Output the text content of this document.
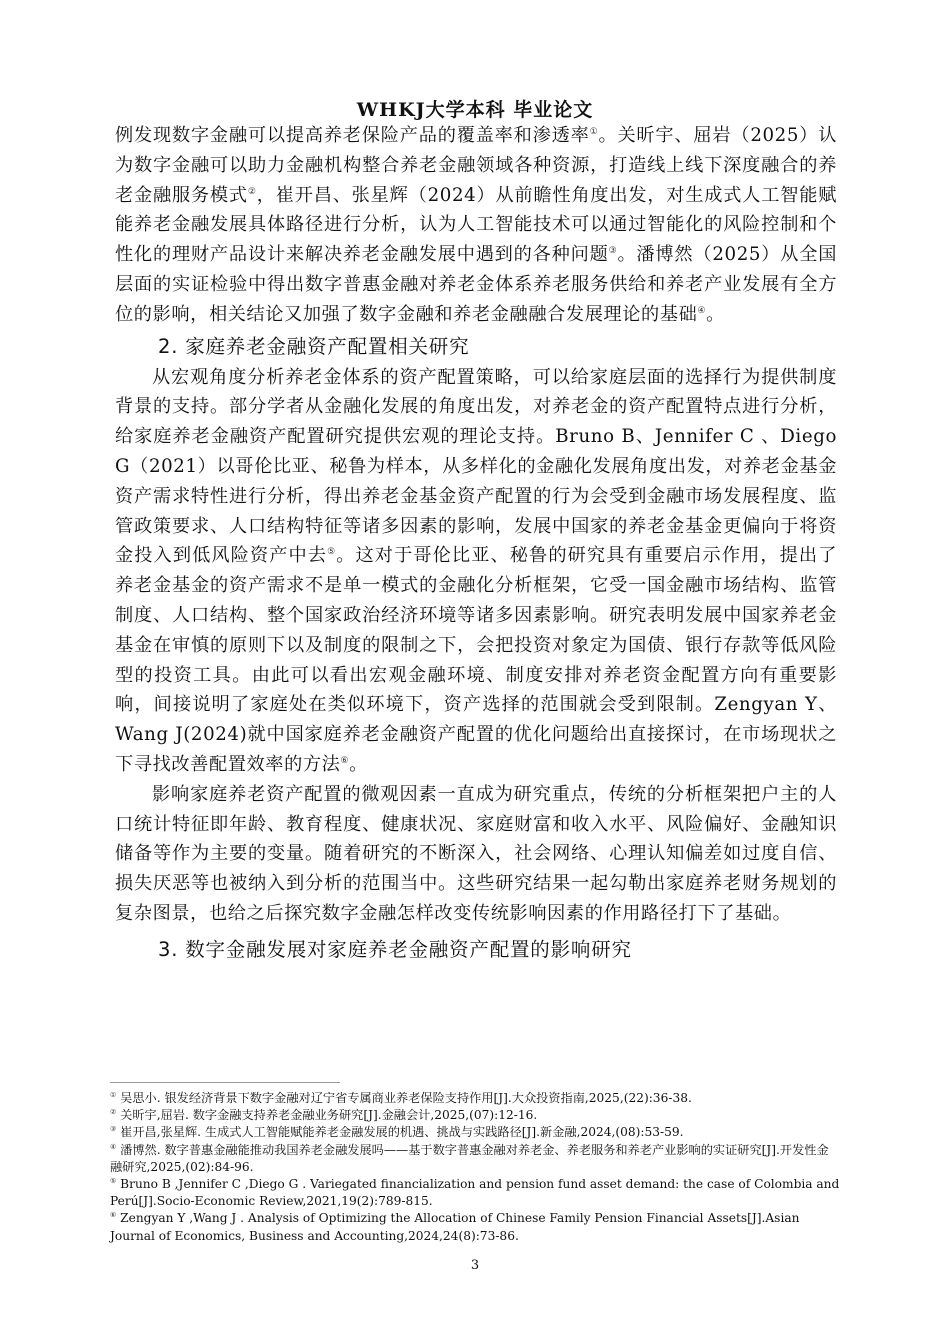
WHKJ大学本科 毕业论文

例发现数字金融可以提高养老保险产品的覆盖率和渗透率①。关昕宇、屈岩（2025）认为数字金融可以助力金融机构整合养老金融领域各种资源，打造线上线下深度融合的养老金融服务模式②，崔开昌、张星辉（2024）从前瞻性角度出发，对生成式人工智能赋能养老金融发展具体路径进行分析，认为人工智能技术可以通过智能化的风险控制和个性化的理财产品设计来解决养老金融发展中遇到的各种问题③。潘博然（2025）从全国层面的实证检验中得出数字普惠金融对养老金体系养老服务供给和养老产业发展有全方位的影响，相关结论又加强了数字金融和养老金融融合发展理论的基础④。

2. 家庭养老金融资产配置相关研究

从宏观角度分析养老金体系的资产配置策略，可以给家庭层面的选择行为提供制度背景的支持。部分学者从金融化发展的角度出发，对养老金的资产配置特点进行分析，给家庭养老金融资产配置研究提供宏观的理论支持。Bruno B、Jennifer C 、Diego G（2021）以哥伦比亚、秘鲁为样本，从多样化的金融化发展角度出发，对养老金基金资产需求特性进行分析，得出养老金基金资产配置的行为会受到金融市场发展程度、监管政策要求、人口结构特征等诸多因素的影响，发展中国家的养老金基金更偏向于将资金投入到低风险资产中去⑤。这对于哥伦比亚、秘鲁的研究具有重要启示作用，提出了养老金基金的资产需求不是单一模式的金融化分析框架，它受一国金融市场结构、监管制度、人口结构、整个国家政治经济环境等诸多因素影响。研究表明发展中国家养老金基金在审慎的原则下以及制度的限制之下，会把投资对象定为国债、银行存款等低风险型的投资工具。由此可以看出宏观金融环境、制度安排对养老资金配置方向有重要影响，间接说明了家庭处在类似环境下，资产选择的范围就会受到限制。Zengyan Y、Wang J(2024)就中国家庭养老金融资产配置的优化问题给出直接探讨，在市场现状之下寻找改善配置效率的方法⑥。

影响家庭养老资产配置的微观因素一直成为研究重点，传统的分析框架把户主的人口统计特征即年龄、教育程度、健康状况、家庭财富和收入水平、风险偏好、金融知识储备等作为主要的变量。随着研究的不断深入，社会网络、心理认知偏差如过度自信、损失厌恶等也被纳入到分析的范围当中。这些研究结果一起勾勒出家庭养老财务规划的复杂图景，也给之后探究数字金融怎样改变传统影响因素的作用路径打下了基础。

3. 数字金融发展对家庭养老金融资产配置的影响研究

① 吴思小. 银发经济背景下数字金融对辽宁省专属商业养老保险支持作用[J].大众投资指南,2025,(22):36-38.

② 关昕宇,屈岩. 数字金融支持养老金融业务研究[J].金融会计,2025,(07):12-16.

③ 崔开昌,张星辉. 生成式人工智能赋能养老金融发展的机遇、挑战与实践路径[J].新金融,2024,(08):53-59.

④ 潘博然. 数字普惠金融能推动我国养老金融发展吗——基于数字普惠金融对养老金、养老服务和养老产业影响的实证研究[J].开发性金融研究,2025,(02):84-96.

⑤ Bruno B ,Jennifer C ,Diego G . Variegated financialization and pension fund asset demand: the case of Colombia and Perú[J].Socio-Economic Review,2021,19(2):789-815.

⑥ Zengyan Y ,Wang J . Analysis of Optimizing the Allocation of Chinese Family Pension Financial Assets[J].Asian Journal of Economics, Business and Accounting,2024,24(8):73-86.

3
